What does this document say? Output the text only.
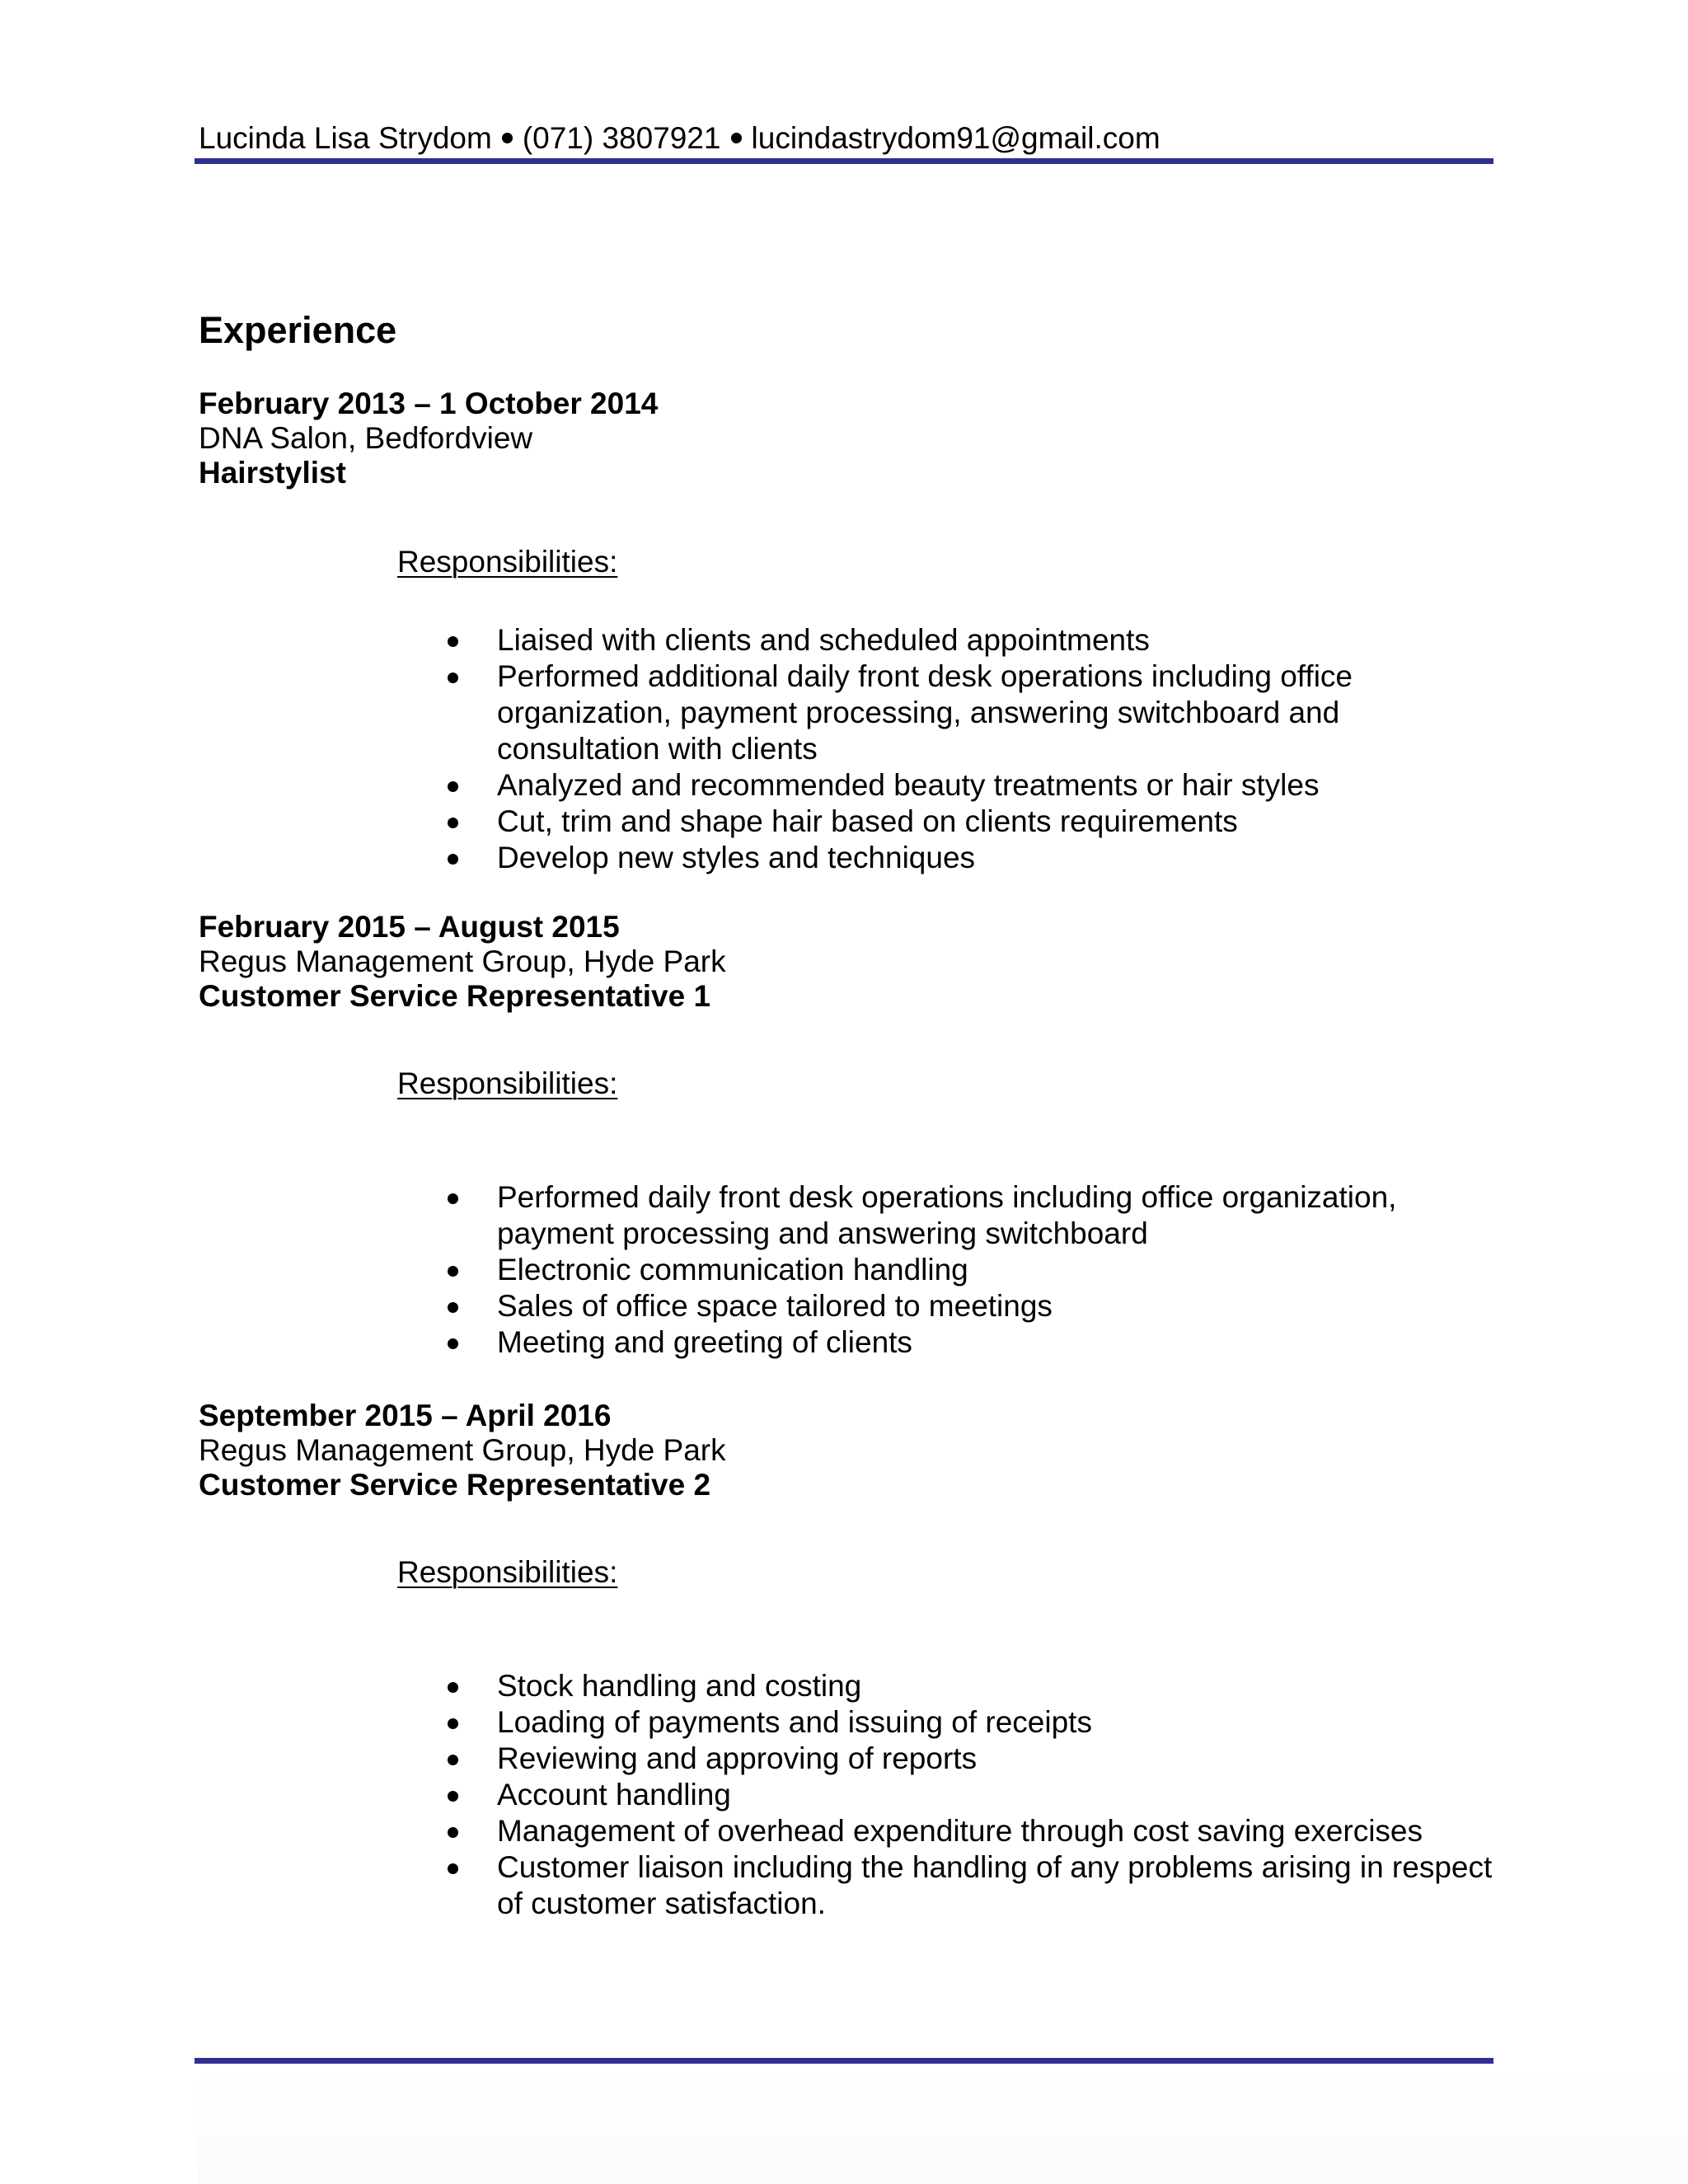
Lucinda Lisa Strydom (071) 3807921 lucindastrydom91@gmail.com
Experience
February 2013 – 1 October 2014
DNA Salon, Bedfordview
Hairstylist
Responsibilities:
Liaised with clients and scheduled appointments
Performed additional daily front desk operations including office organization, payment processing, answering switchboard and consultation with clients
Analyzed and recommended beauty treatments or hair styles
Cut, trim and shape hair based on clients requirements
Develop new styles and techniques
February 2015 – August 2015
Regus Management Group, Hyde Park
Customer Service Representative 1
Responsibilities:
Performed daily front desk operations including office organization, payment processing and answering switchboard
Electronic communication handling
Sales of office space tailored to meetings
Meeting and greeting of clients
September 2015 – April 2016
Regus Management Group, Hyde Park
Customer Service Representative 2
Responsibilities:
Stock handling and costing
Loading of payments and issuing of receipts
Reviewing and approving of reports
Account handling
Management of overhead expenditure through cost saving exercises
Customer liaison including the handling of any problems arising in respect of customer satisfaction.
